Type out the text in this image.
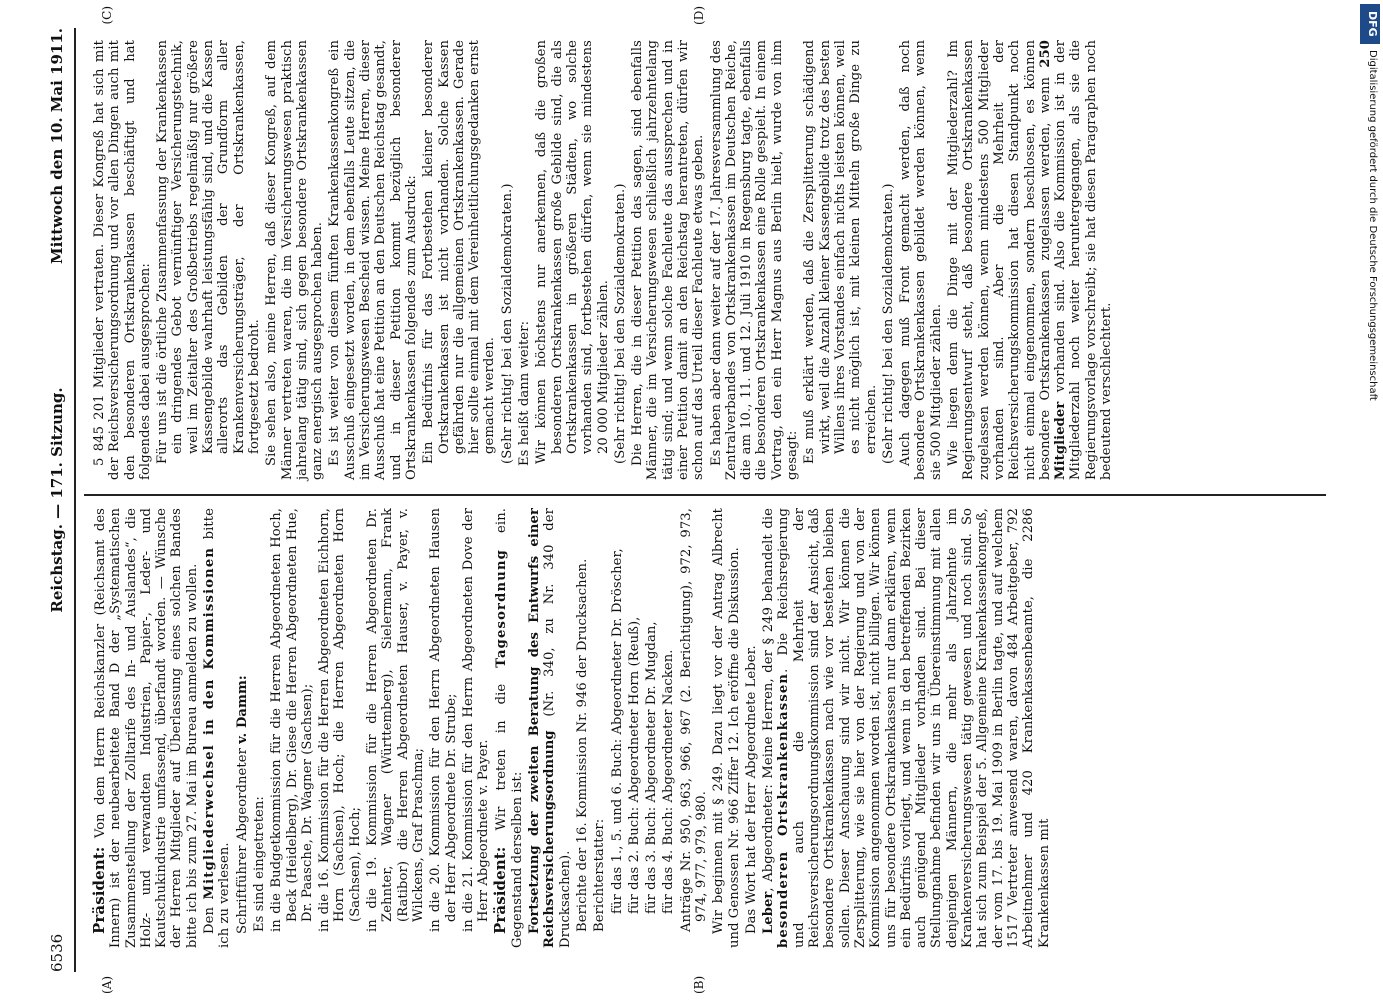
6536
Reichstag. — 171. Sitzung.
Mittwoch den 10. Mai 1911.
(A)	(B)
(C)	(D)

Präsident: Von dem Herrn Reichskanzler (Reichsamt des Innern) ist der neubearbeitete Band D der „Systematischen Zusammenstellung der Zolltarife des In- und Auslandes“, die Holz- und verwandten Industrien, Papier-, Leder- und Kautschukindustrie umfassend, überfandt worden. — Wünsche der Herren Mitglieder auf Überlassung eines solchen Bandes bitte ich bis zum 27. Mai im Bureau anmelden zu wollen. Den Mitgliederwechsel in den Kommissionen bitte ich zu verlesen. Schriftführer Abgeordneter v. Damm:

Es sind eingetreten: in die Budgetkommission für die Herren Abgeordneten Hoch, Beck (Heidelberg), Dr. Giese die Herren Abgeordneten Hue, Dr. Paasche, Dr. Wagner (Sachsen); in die 16. Kommission für die Herren Abgeordneten Eichhorn, Horn (Sachsen), Hoch; die Herren Abgeordneten Horn (Sachsen), Hoch; in die 19. Kommission für die Herren Abgeordneten Dr. Zehnter, Wagner (Württemberg), Sielermann, Frank (Ratibor) die Herren Abgeordneten Hauser, v. Payer, v. Wilckens, Graf Praschma; in die 20. Kommission für den Herrn Abgeordneten Hausen der Herr Abgeordnete Dr. Strube; in die 21. Kommission für den Herrn Abgeordneten Dove der Herr Abgeordnete v. Payer. Präsident: Wir treten in die Tagesordnung ein. Gegenstand derselben ist: Fortsetzung der zweiten Beratung des Entwurfs einer Reichsversicherungsordnung (Nr. 340, zu Nr. 340 der Drucksachen). Berichte der 16. Kommission Nr. 946 der Drucksachen. Berichterstatter: für das 1., 5. und 6. Buch: Abgeordneter Dr. Dröscher, für das 2. Buch: Abgeordneter Horn (Reuß), für das 3. Buch: Abgeordneter Dr. Mugdan, für das 4. Buch: Abgeordneter Nacken. Anträge Nr. 950, 963, 966, 967 (2. Berichtigung), 972, 973, 974, 977, 979, 980. Wir beginnen mit § 249. Dazu liegt vor der Antrag Albrecht und Genossen Nr. 966 Ziffer 12. Ich eröffne die Diskussion. Das Wort hat der Herr Abgeordnete Leber. Leber, Abgeordneter: Meine Herren, der § 249 behandelt die besonderen Ortskrankenkassen. Die Reichsregierung und auch die Mehrheit der Reichsversicherungsordnungskommission sind der Ansicht, daß besondere Ortskrankenkassen nach wie vor bestehen bleiben sollen. Dieser Anschauung sind wir nicht. Wir können die Zersplitterung, wie sie hier von der Regierung und von der Kommission angenommen worden ist, nicht billigen. Wir können uns für besondere Ortskrankenkassen nur dann erklären, wenn ein Bedürfnis vorliegt, und wenn in den betreffenden Bezirken auch genügend Mitglieder vorhanden sind. Bei dieser Stellungnahme befinden wir uns in Übereinstimmung mit allen denjenigen Männern, die mehr als Jahrzehnte im Krankenversicherungswesen tätig gewesen und noch sind. So hat sich zum Beispiel der 5. Allgemeine Krankenkassenkongreß, der vom 17. bis 19. Mai 1909 in Berlin tagte, und auf welchem 1517 Vertreter anwesend waren, davon 484 Arbeitgeber, 792 Arbeitnehmer und 420 Krankenkassenbeamte, die 2286 Krankenkassen mit

5 845 201 Mitglieder vertraten. Dieser Kongreß hat sich mit der Reichsversicherungsordnung und vor allen Dingen auch mit den besonderen Ortskrankenkassen beschäftigt und hat folgendes dabei ausgesprochen: Für uns ist die örtliche Zusammenfassung der Krankenkassen ein dringendes Gebot vernünftiger Versicherungstechnik, weil im Zeitalter des Großbetriebs regelmäßig nur größere Kassengebilde wahrhaft leistungsfähig sind, und die Kassen allerorts das Gebilden der Grundform aller Krankenversicherungsträger, der Ortskrankenkassen, fortgesetzt bedroht. Sie sehen also, meine Herren, daß dieser Kongreß, auf dem Männer vertreten waren, die im Versicherungswesen praktisch jahrelang tätig sind, sich gegen besondere Ortskrankenkassen ganz energisch ausgesprochen haben. Es ist weiter von diesem fünften Krankenkassenkongreß ein Ausschuß eingesetzt worden, in dem ebenfalls Leute sitzen, die im Versicherungswesen Bescheid wissen. Meine Herren, dieser Ausschuß hat eine Petition an den Deutschen Reichstag gesandt, und in dieser Petition kommt bezüglich besonderer Ortskrankenkassen folgendes zum Ausdruck: Ein Bedürfnis für das Fortbestehen kleiner besonderer Ortskrankenkassen ist nicht vorhanden. Solche Kassen gefährden nur die allgemeinen Ortskrankenkassen. Gerade hier sollte einmal mit dem Vereinheitlichungsgedanken ernst gemacht werden. (Sehr richtig! bei den Sozialdemokraten.) Es heißt dann weiter: Wir können höchstens nur anerkennen, daß die großen besonderen Ortskrankenkassen große Gebilde sind, die als Ortskrankenkassen in größeren Städten, wo solche vorhanden sind, fortbestehen dürfen, wenn sie mindestens 20 000 Mitglieder zählen. (Sehr richtig! bei den Sozialdemokraten.) Die Herren, die in dieser Petition das sagen, sind ebenfalls Männer, die im Versicherungswesen schließlich jahrzehntelang tätig sind; und wenn solche Fachleute das aussprechen und in einer Petition damit an den Reichstag herantreten, dürfen wir schon auf das Urteil dieser Fachleute etwas geben. Es haben aber dann weiter auf der 17. Jahresversammlung des Zentralverbandes von Ortskrankenkassen im Deutschen Reiche, die am 10., 11. und 12. Juli 1910 in Regensburg tagte, ebenfalls die besonderen Ortskrankenkassen eine Rolle gespielt. In einem Vortrag, den ein Herr Magnus aus Berlin hielt, wurde von ihm gesagt: Es muß erklärt werden, daß die Zersplitterung schädigend wirkt, weil die Anzahl kleiner Kassengebilde trotz des besten Willens ihres Vorstandes einfach nichts leisten können, weil es nicht möglich ist, mit kleinen Mitteln große Dinge zu erreichen. (Sehr richtig! bei den Sozialdemokraten.) Auch dagegen muß Front gemacht werden, daß noch besondere Ortskrankenkassen gebildet werden können, wenn sie 500 Mitglieder zählen. Wie liegen denn die Dinge mit der Mitgliederzahl? Im Regierungsentwurf steht, daß besondere Ortskrankenkassen zugelassen werden können, wenn mindestens 500 Mitglieder vorhanden sind. Aber die Mehrheit der Reichsversicherungskommission hat diesen Standpunkt noch nicht einmal eingenommen, sondern beschlossen, es können besondere Ortskrankenkassen zugelassen werden, wenn 250 Mitglieder vorhanden sind. Also die Kommission ist in der Mitgliederzahl noch weiter heruntergegangen, als sie die Regierungsvorlage vorschreibt; sie hat diesen Paragraphen noch bedeutend verschlechtert.

DFG
Digitalisierung gefördert durch die Deutsche Forschungsgemeinschaft
